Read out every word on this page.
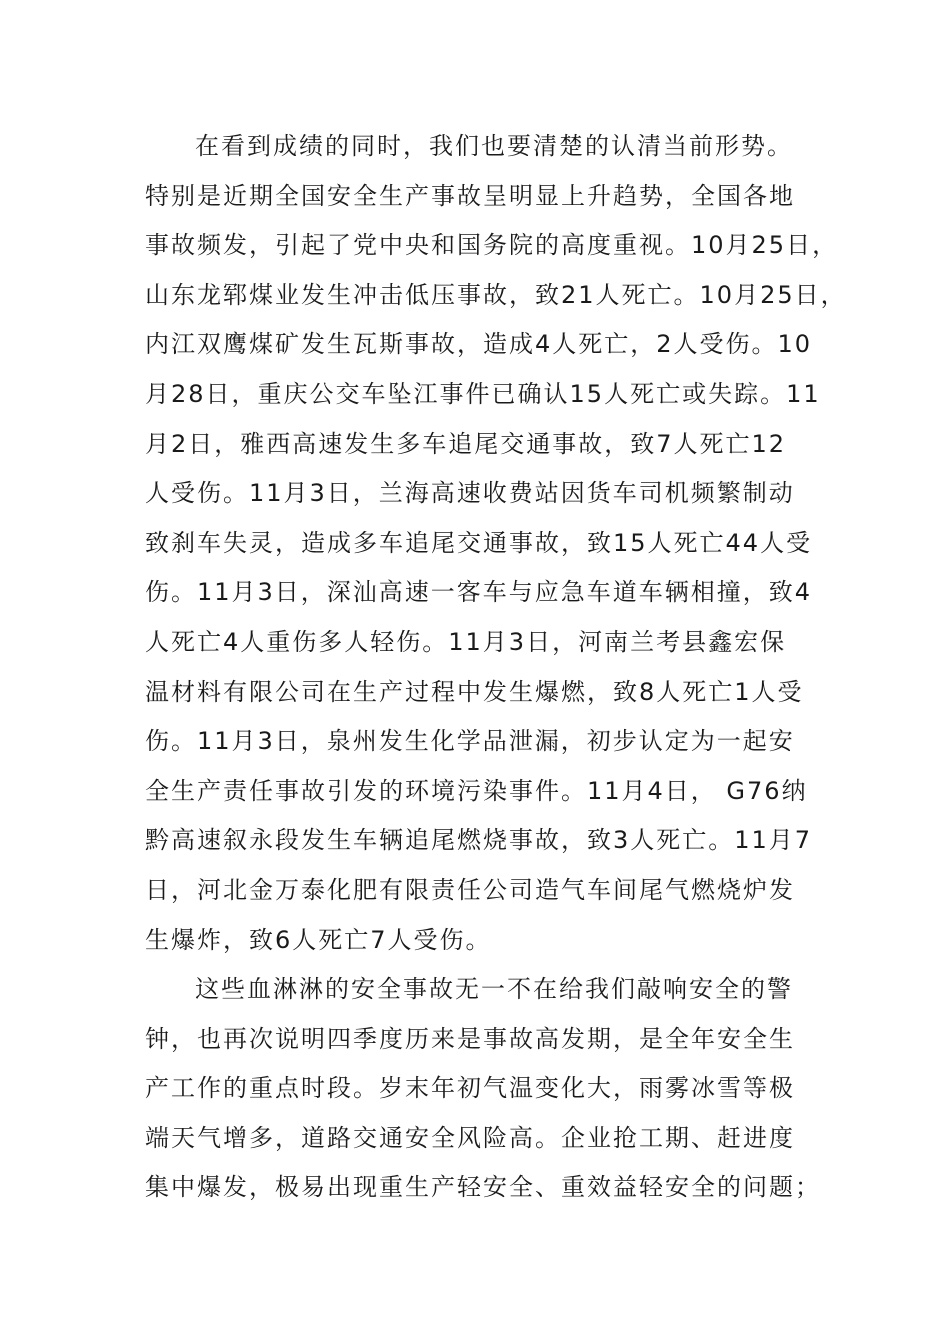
在看到成绩的同时，我们也要清楚的认清当前形势。
特别是近期全国安全生产事故呈明显上升趋势，全国各地
事故频发，引起了党中央和国务院的高度重视。10月25日，
山东龙郓煤业发生冲击低压事故，致21人死亡。10月25日，
内江双鹰煤矿发生瓦斯事故，造成4人死亡，2人受伤。10
月28日，重庆公交车坠江事件已确认15人死亡或失踪。11
月2日，雅西高速发生多车追尾交通事故，致7人死亡12
人受伤。11月3日，兰海高速收费站因货车司机频繁制动
致刹车失灵，造成多车追尾交通事故，致15人死亡44人受
伤。11月3日，深汕高速一客车与应急车道车辆相撞，致4
人死亡4人重伤多人轻伤。11月3日，河南兰考县鑫宏保
温材料有限公司在生产过程中发生爆燃，致8人死亡1人受
伤。11月3日，泉州发生化学品泄漏，初步认定为一起安
全生产责任事故引发的环境污染事件。11月4日， G76纳
黔高速叙永段发生车辆追尾燃烧事故，致3人死亡。11月7
日，河北金万泰化肥有限责任公司造气车间尾气燃烧炉发
生爆炸，致6人死亡7人受伤。
这些血淋淋的安全事故无一不在给我们敲响安全的警
钟，也再次说明四季度历来是事故高发期，是全年安全生
产工作的重点时段。岁末年初气温变化大，雨雾冰雪等极
端天气增多，道路交通安全风险高。企业抢工期、赶进度
集中爆发，极易出现重生产轻安全、重效益轻安全的问题；
